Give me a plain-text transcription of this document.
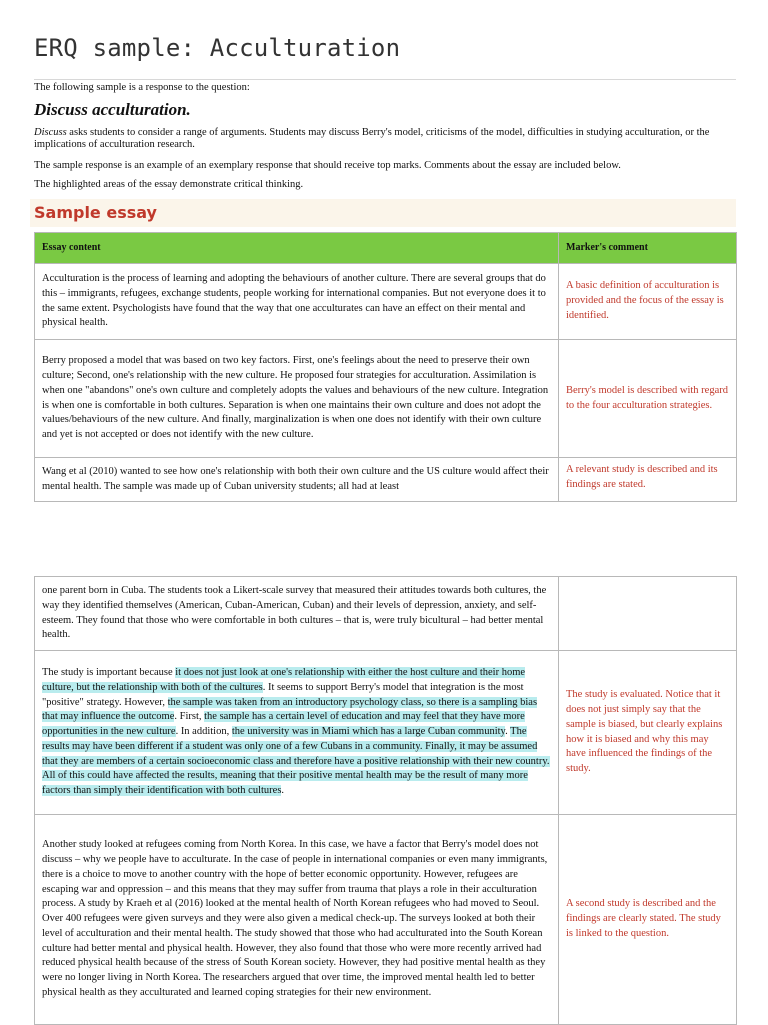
ERQ sample: Acculturation
The following sample is a response to the question:
Discuss acculturation.
Discuss asks students to consider a range of arguments. Students may discuss Berry's model, criticisms of the model, difficulties in studying acculturation, or the implications of acculturation research.
The sample response is an example of an exemplary response that should receive top marks. Comments about the essay are included below.
The highlighted areas of the essay demonstrate critical thinking.
Sample essay
Essay content	Marker's comment
Acculturation is the process of learning and adopting the behaviours of another culture. There are several groups that do this – immigrants, refugees, exchange students, people working for international companies. But not everyone does it to the same extent. Psychologists have found that the way that one acculturates can have an effect on their mental and physical health.	A basic definition of acculturation is provided and the focus of the essay is identified.
Berry proposed a model that was based on two key factors. First, one's feelings about the need to preserve their own culture; Second, one's relationship with the new culture. He proposed four strategies for acculturation. Assimilation is when one "abandons" one's own culture and completely adopts the values and behaviours of the new culture. Integration is when one is comfortable in both cultures. Separation is when one maintains their own culture and does not adopt the values/behaviours of the new culture. And finally, marginalization is when one does not identify with their own culture and yet is not accepted or does not identify with the new culture.	Berry's model is described with regard to the four acculturation strategies.
Wang et al (2010) wanted to see how one's relationship with both their own culture and the US culture would affect their mental health. The sample was made up of Cuban university students; all had at least	A relevant study is described and its findings are stated.
one parent born in Cuba. The students took a Likert-scale survey that measured their attitudes towards both cultures, the way they identified themselves (American, Cuban-American, Cuban) and their levels of depression, anxiety, and self-esteem. They found that those who were comfortable in both cultures – that is, were truly bicultural – had better mental health.	
The study is important because it does not just look at one's relationship with either the host culture and their home culture, but the relationship with both of the cultures. It seems to support Berry's model that integration is the most "positive" strategy. However, the sample was taken from an introductory psychology class, so there is a sampling bias that may influence the outcome. First, the sample has a certain level of education and may feel that they have more opportunities in the new culture. In addition, the university was in Miami which has a large Cuban community. The results may have been different if a student was only one of a few Cubans in a community. Finally, it may be assumed that they are members of a certain socioeconomic class and therefore have a positive relationship with their new country. All of this could have affected the results, meaning that their positive mental health may be the result of many more factors than simply their identification with both cultures.	The study is evaluated. Notice that it does not just simply say that the sample is biased, but clearly explains how it is biased and why this may have influenced the findings of the study.
Another study looked at refugees coming from North Korea. In this case, we have a factor that Berry's model does not discuss – why we people have to acculturate. In the case of people in international companies or even many immigrants, there is a choice to move to another country with the hope of better economic opportunity. However, refugees are escaping war and oppression – and this means that they may suffer from trauma that plays a role in their acculturation process. A study by Kraeh et al (2016) looked at the mental health of North Korean refugees who had moved to Seoul. Over 400 refugees were given surveys and they were also given a medical check-up. The surveys looked at both their level of acculturation and their mental health. The study showed that those who had acculturated into the South Korean culture had better mental and physical health. However, they also found that those who were more recently arrived had reduced physical health because of the stress of South Korean society. However, they had positive mental health as they were no longer living in North Korea. The researchers argued that over time, the improved mental health led to better physical health as they acculturated and learned coping strategies for their new environment.	A second study is described and the findings are clearly stated. The study is linked to the question.
